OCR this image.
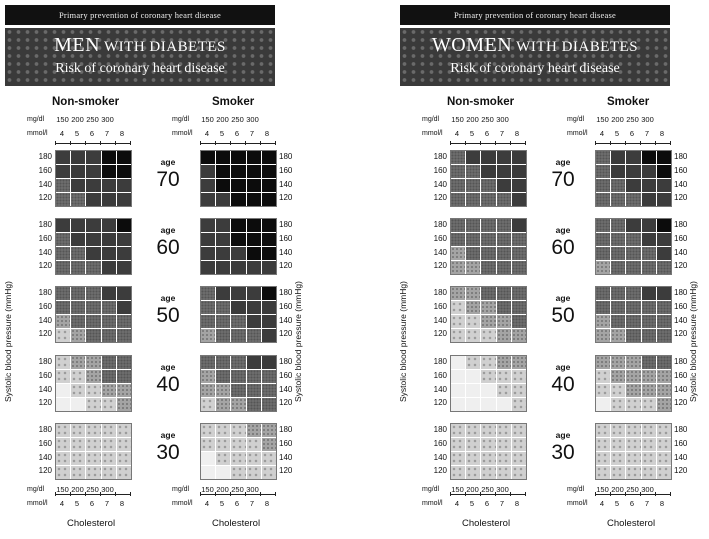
Primary prevention of coronary heart disease
MEN WITH DIABETES
Risk of coronary heart disease
Non-smoker	Smoker
mg/dl 150 200 250 300
mmol/l	4	5	6	7	8
mg/dl 150 200 250 300
mmol/l	4	5	6	7	8
mg/dl 150 200 250 300
mmol/l	4	5	6	7	8
mg/dl 150 200 250 300
mmol/l	4	5	6	7	8
180
160
140
120
180
160
140
120
age
70
180
160
140
120
180
160
140
120
age
60
180
160
140
120
180
160
140
120
age
50
180
160
140
120
180
160
140
120
age
40
180
160
140
120
180
160
140
120
age
30
Systolic blood pressure (mmHg)	Systolic blood pressure (mmHg)
Cholesterol	Cholesterol
Primary prevention of coronary heart disease
WOMEN WITH DIABETES
Risk of coronary heart disease
Non-smoker	Smoker
mg/dl 150 200 250 300
mmol/l	4	5	6	7	8
mg/dl 150 200 250 300
mmol/l	4	5	6	7	8
mg/dl 150 200 250 300
mmol/l	4	5	6	7	8
mg/dl 150 200 250 300
mmol/l	4	5	6	7	8
180
160
140
120
180
160
140
120
age
70
180
160
140
120
180
160
140
120
age
60
180
160
140
120
180
160
140
120
age
50
180
160
140
120
180
160
140
120
age
40
180
160
140
120
180
160
140
120
age
30
Systolic blood pressure (mmHg)	Systolic blood pressure (mmHg)
Cholesterol	Cholesterol
